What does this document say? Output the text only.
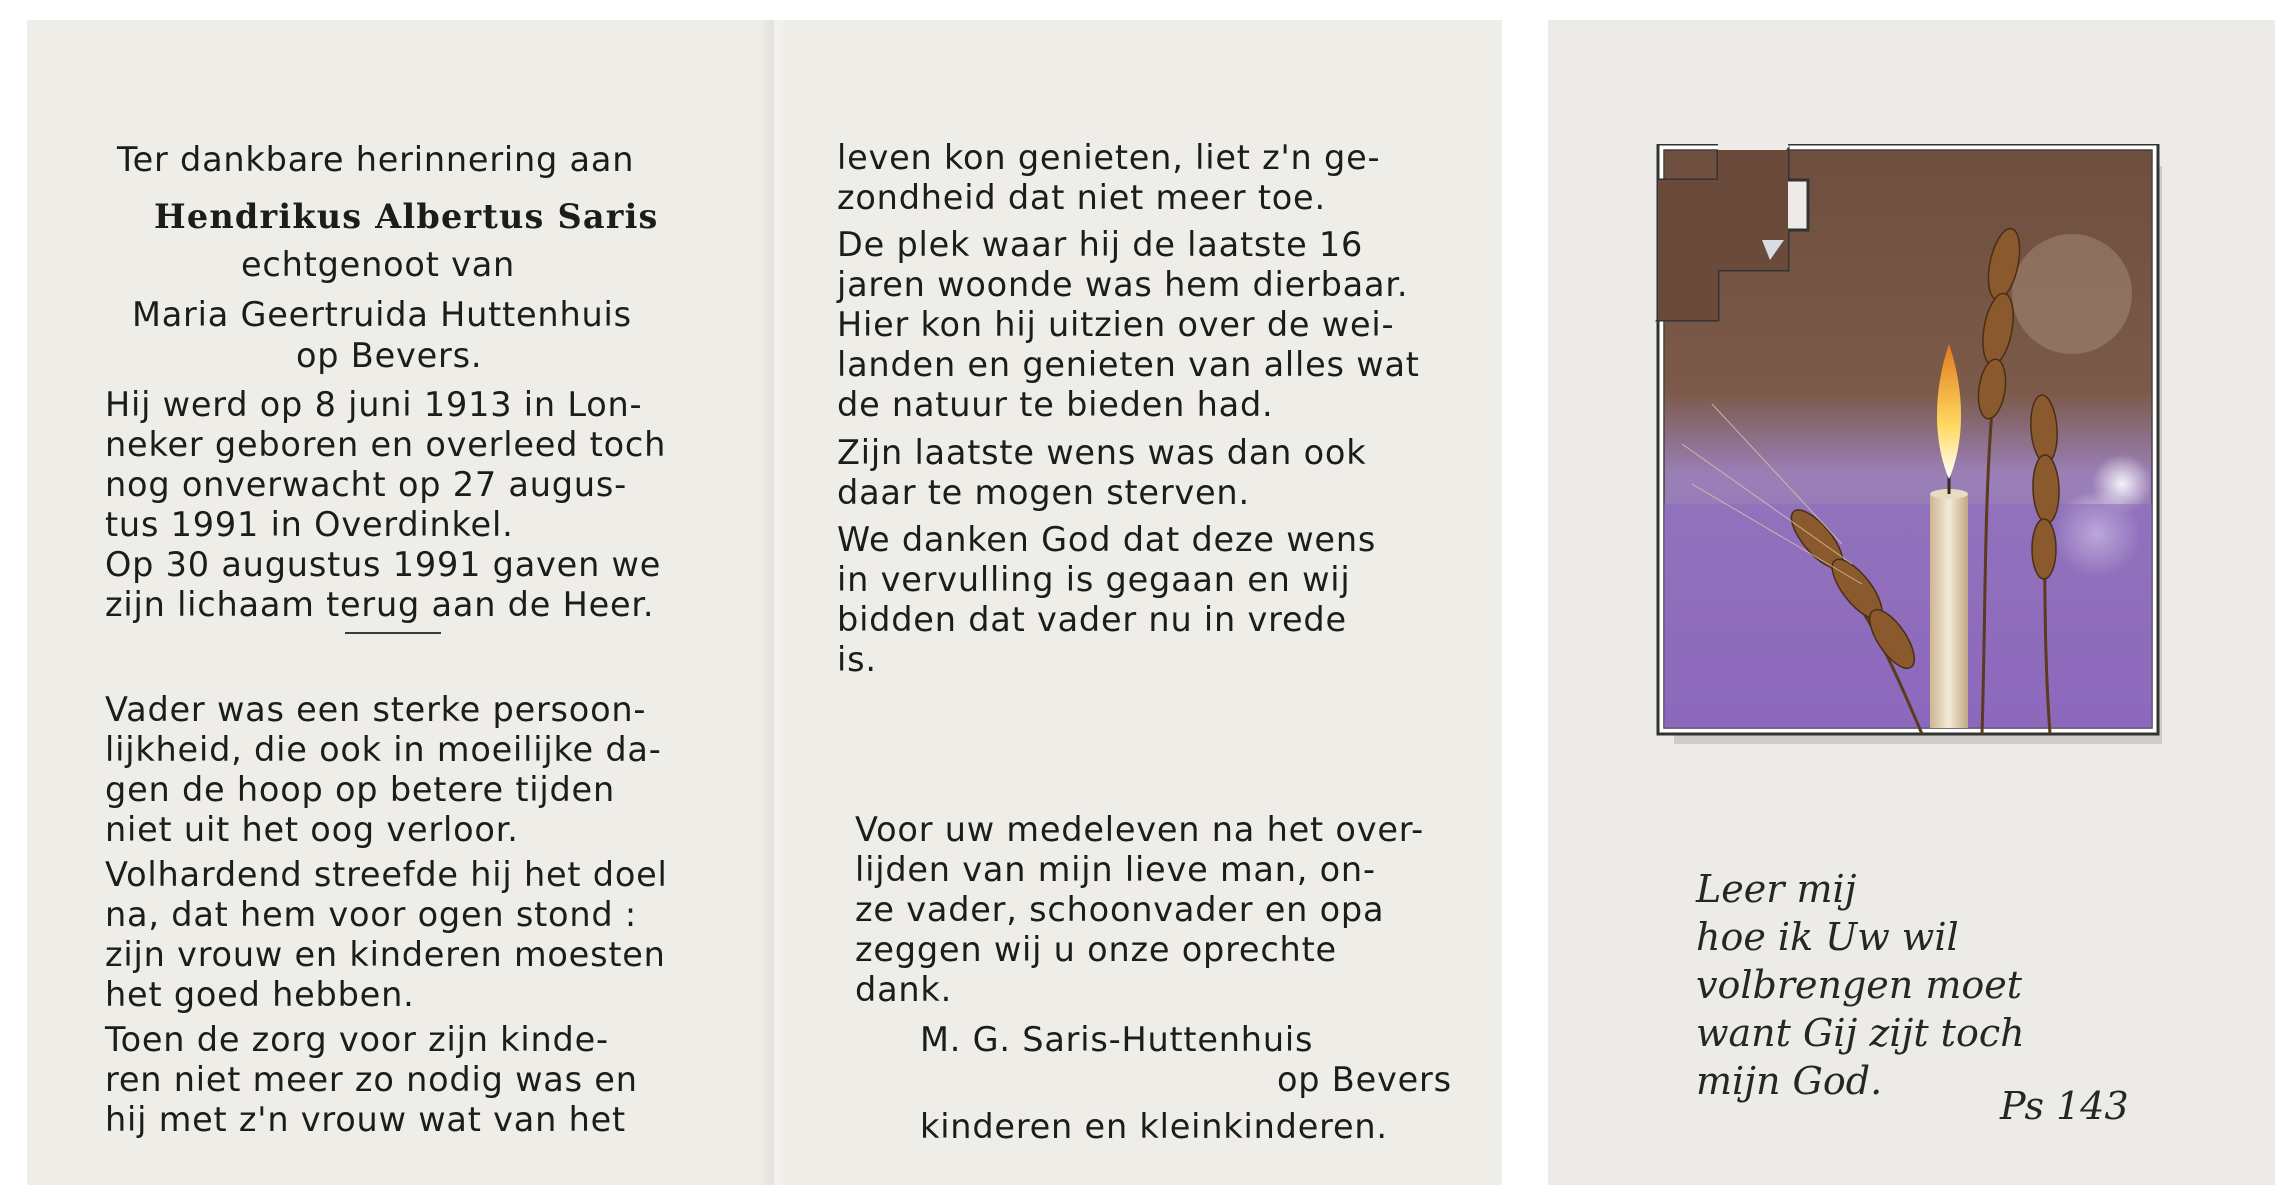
Ter dankbare herinnering aan
Hendrikus Albertus Saris
echtgenoot van
Maria Geertruida Huttenhuis
op Bevers.
Hij werd op 8 juni 1913 in Lon-
neker geboren en overleed toch
nog onverwacht op 27 augus-
tus 1991 in Overdinkel.
Op 30 augustus 1991 gaven we
zijn lichaam terug aan de Heer.
Vader was een sterke persoon-
lijkheid, die ook in moeilijke da-
gen de hoop op betere tijden
niet uit het oog verloor.
Volhardend streefde hij het doel
na, dat hem voor ogen stond :
zijn vrouw en kinderen moesten
het goed hebben.
Toen de zorg voor zijn kinde-
ren niet meer zo nodig was en
hij met z'n vrouw wat van het
leven kon genieten, liet z'n ge-
zondheid dat niet meer toe.
De plek waar hij de laatste 16
jaren woonde was hem dierbaar.
Hier kon hij uitzien over de wei-
landen en genieten van alles wat
de natuur te bieden had.
Zijn laatste wens was dan ook
daar te mogen sterven.
We danken God dat deze wens
in vervulling is gegaan en wij
bidden dat vader nu in vrede
is.
Voor uw medeleven na het over-
lijden van mijn lieve man, on-
ze vader, schoonvader en opa
zeggen wij u onze oprechte
dank.
M. G. Saris-Huttenhuis
op Bevers
kinderen en kleinkinderen.
Leer mij
hoe ik Uw wil
volbrengen moet
want Gij zijt toch
mijn God.
Ps 143
